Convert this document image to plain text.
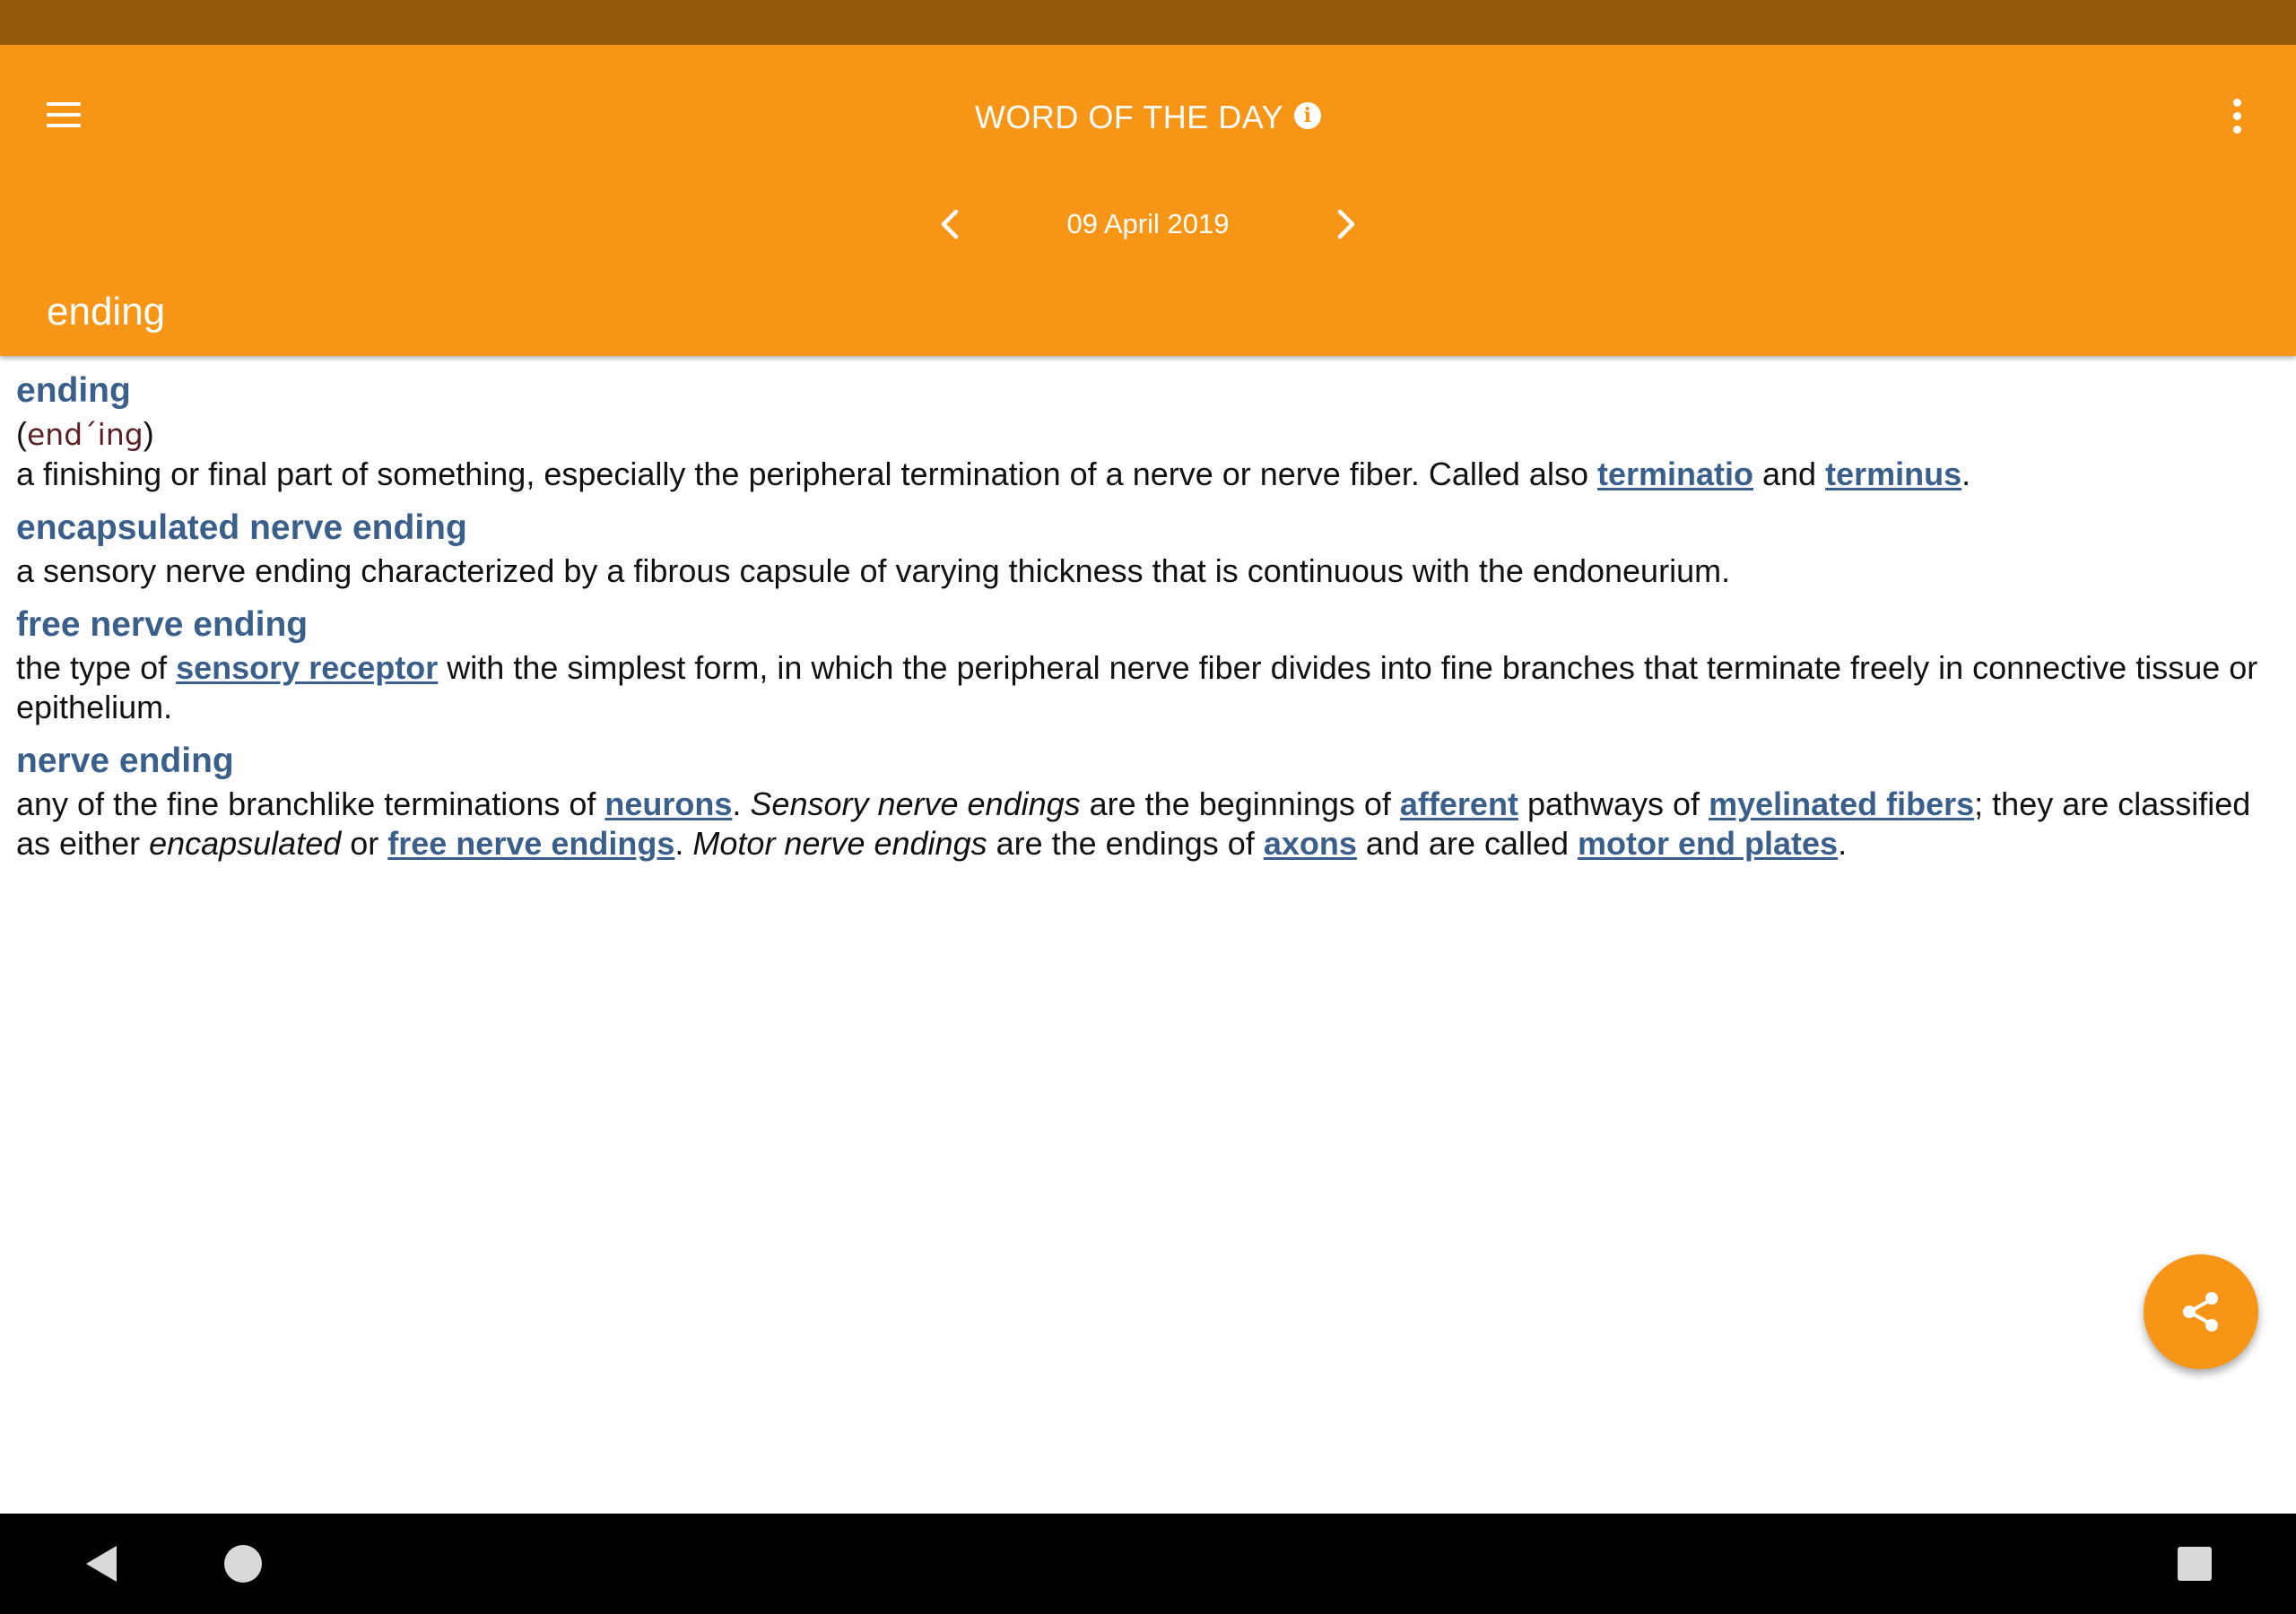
WORD OF THE DAY	i
09 April 2019
ending
ending
(end´ing)

a finishing or final part of something, especially the peripheral termination of a nerve or nerve fiber. Called also terminatio and terminus.

encapsulated nerve ending

a sensory nerve ending characterized by a fibrous capsule of varying thickness that is continuous with the endoneurium.

free nerve ending

the type of sensory receptor with the simplest form, in which the peripheral nerve fiber divides into fine branches that terminate freely in connective tissue or epithelium.

nerve ending

any of the fine branchlike terminations of neurons. Sensory nerve endings are the beginnings of afferent pathways of myelinated fibers; they are classified as either encapsulated or free nerve endings. Motor nerve endings are the endings of axons and are called motor end plates.
